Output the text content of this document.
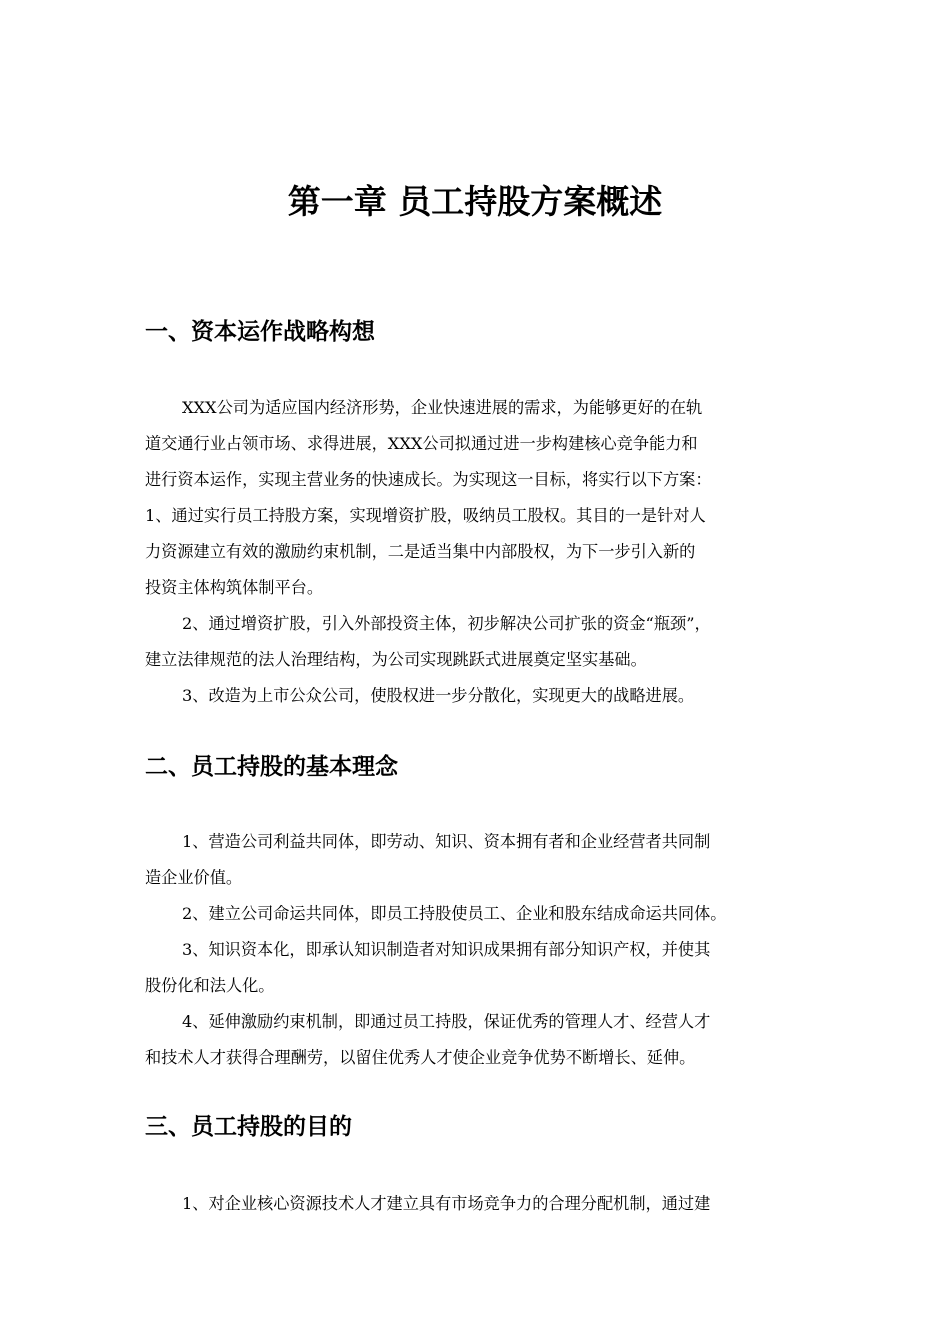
第一章 员工持股方案概述
一、资本运作战略构想

XXX公司为适应国内经济形势，企业快速进展的需求，为能够更好的在轨

道交通行业占领市场、求得进展，XXX公司拟通过进一步构建核心竞争能力和
进行资本运作，实现主营业务的快速成长。为实现这一目标，将实行以下方案：
1、通过实行员工持股方案，实现增资扩股，吸纳员工股权。其目的一是针对人
力资源建立有效的激励约束机制，二是适当集中内部股权，为下一步引入新的
投资主体构筑体制平台。

2、通过增资扩股，引入外部投资主体，初步解决公司扩张的资金“瓶颈”，

建立法律规范的法人治理结构，为公司实现跳跃式进展奠定坚实基础。

3、改造为上市公众公司，使股权进一步分散化，实现更大的战略进展。

二、员工持股的基本理念

1、营造公司利益共同体，即劳动、知识、资本拥有者和企业经营者共同制

造企业价值。

2、建立公司命运共同体，即员工持股使员工、企业和股东结成命运共同体。

3、知识资本化，即承认知识制造者对知识成果拥有部分知识产权，并使其

股份化和法人化。

4、延伸激励约束机制，即通过员工持股，保证优秀的管理人才、经营人才

和技术人才获得合理酬劳，以留住优秀人才使企业竞争优势不断增长、延伸。

三、员工持股的目的

1、对企业核心资源技术人才建立具有市场竞争力的合理分配机制，通过建
